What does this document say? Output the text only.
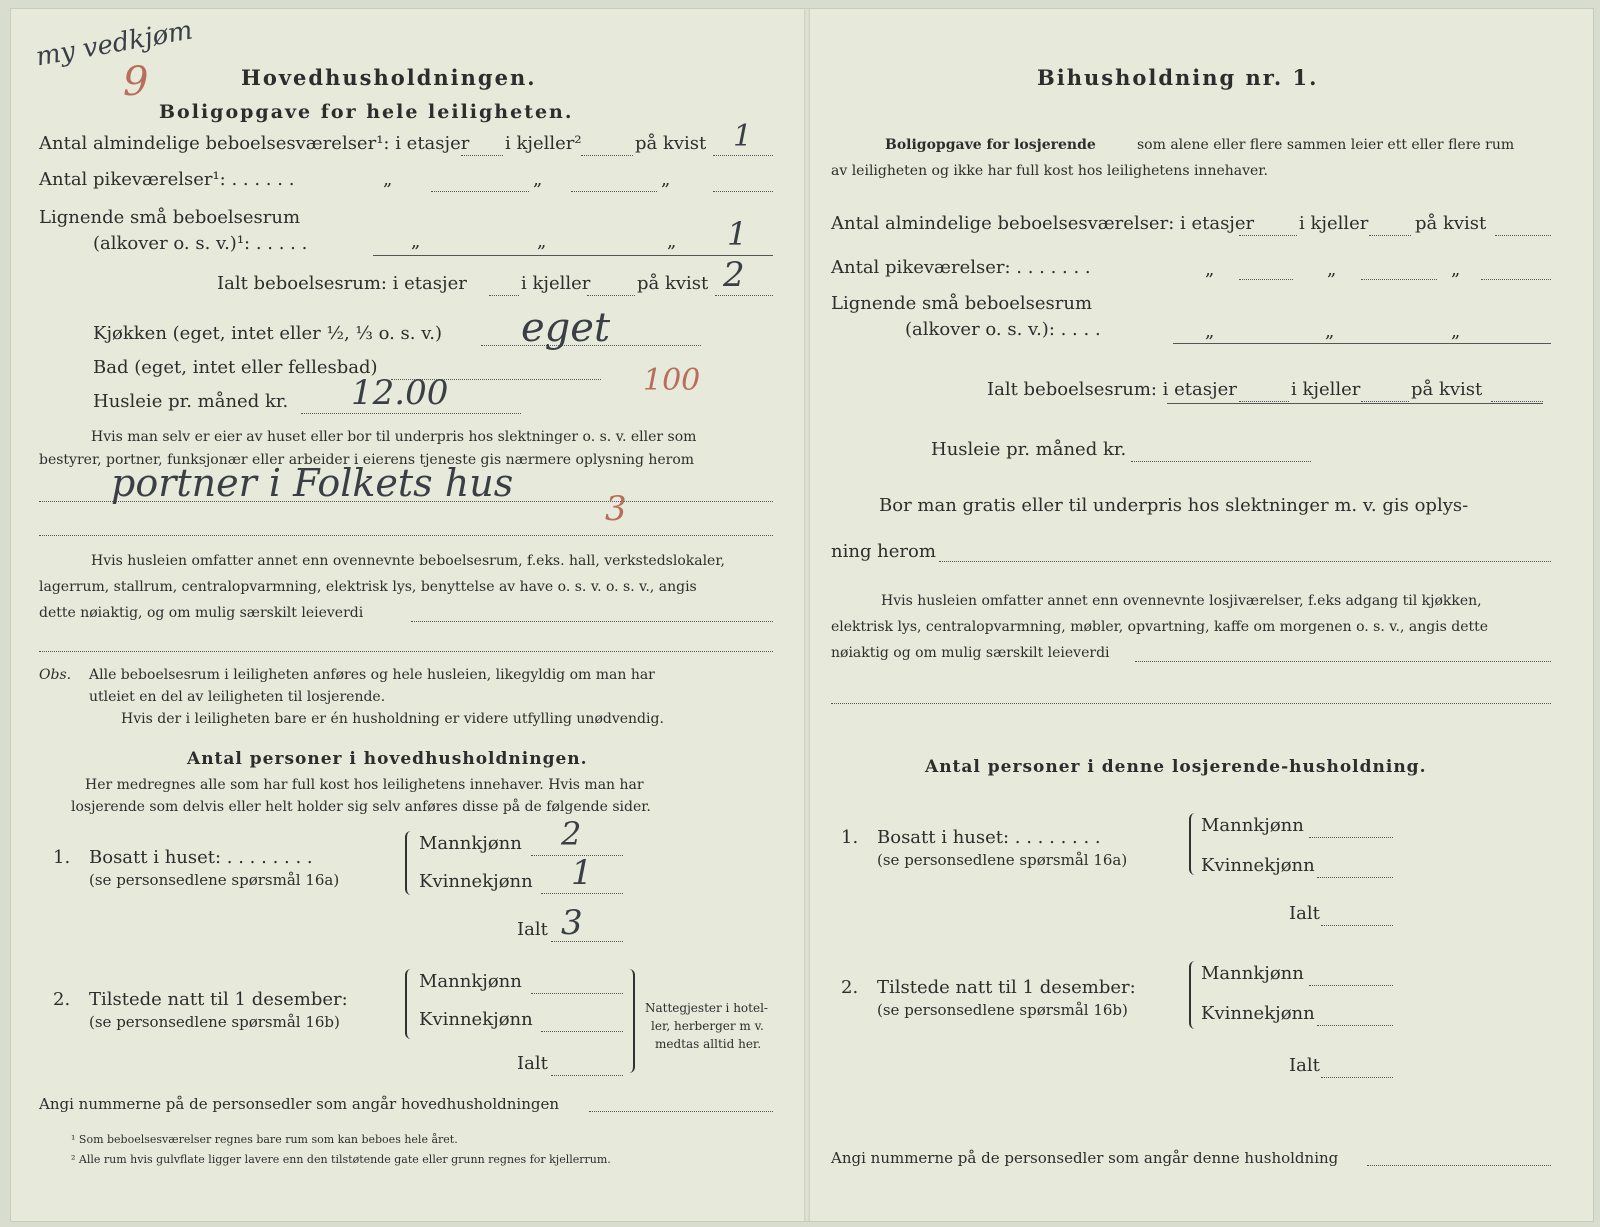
my vedkjøm
9	Hovedhusholdningen.
Boligopgave for hele leiligheten.
Antal almindelige beboelsesværelser¹: i etasjer i kjeller²	på kvist 1
Antal pikeværelser¹: . . . . . .	„	„	„
Lignende små beboelsesrum
(alkover o. s. v.)¹: . . . . .	„	„	„ 1
Ialt beboelsesrum: i etasjer	i kjeller	på kvist 2
Kjøkken (eget, intet eller ½, ⅓ o. s. v.) eget
Bad (eget, intet eller fellesbad)
Husleie pr. måned kr. 12.00	100
Hvis man selv er eier av huset eller bor til underpris hos slektninger o. s. v. eller som
bestyrer, portner, funksjonær eller arbeider i eierens tjeneste gis nærmere oplysning herom
portner i Folkets hus
3
Hvis husleien omfatter annet enn ovennevnte beboelsesrum, f.eks. hall, verkstedslokaler,
lagerrum, stallrum, centralopvarmning, elektrisk lys, benyttelse av have o. s. v. o. s. v., angis
dette nøiaktig, og om mulig særskilt leieverdi
Obs. Alle beboelsesrum i leiligheten anføres og hele husleien, likegyldig om man har
utleiet en del av leiligheten til losjerende.
Hvis der i leiligheten bare er én husholdning er videre utfylling unødvendig.
Antal personer i hovedhusholdningen.
Her medregnes alle som har full kost hos leilighetens innehaver. Hvis man har
losjerende som delvis eller helt holder sig selv anføres disse på de følgende sider.
1. Bosatt i huset: . . . . . . . .
(se personsedlene spørsmål 16a)
Mannkjønn 2
Kvinnekjønn 1
Ialt 3
2. Tilstede natt til 1 desember:
(se personsedlene spørsmål 16b)
Mannkjønn
Kvinnekjønn
Ialt
Nattegjester i hotel-
ler, herberger m v.
medtas alltid her.
Angi nummerne på de personsedler som angår hovedhusholdningen
¹ Som beboelsesværelser regnes bare rum som kan beboes hele året.
² Alle rum hvis gulvflate ligger lavere enn den tilstøtende gate eller grunn regnes for kjellerrum.
Bihusholdning nr. 1.
Boligopgave for losjerende	som alene eller flere sammen leier ett eller flere rum
av leiligheten og ikke har full kost hos leilighetens innehaver.
Antal almindelige beboelsesværelser: i etasjer i kjeller	på kvist
Antal pikeværelser: . . . . . . .	„	„	„
Lignende små beboelsesrum
(alkover o. s. v.): . . . .	„	„	„
Ialt beboelsesrum: i etasjer	i kjeller	på kvist
Husleie pr. måned kr.
Bor man gratis eller til underpris hos slektninger m. v. gis oplys-
ning herom
Hvis husleien omfatter annet enn ovennevnte losjiværelser, f.eks adgang til kjøkken,
elektrisk lys, centralopvarmning, møbler, opvartning, kaffe om morgenen o. s. v., angis dette
nøiaktig og om mulig særskilt leieverdi
Antal personer i denne losjerende-husholdning.
1. Bosatt i huset: . . . . . . . .
(se personsedlene spørsmål 16a)
Mannkjønn
Kvinnekjønn
Ialt
2. Tilstede natt til 1 desember:
(se personsedlene spørsmål 16b)
Mannkjønn
Kvinnekjønn
Ialt
Angi nummerne på de personsedler som angår denne husholdning
